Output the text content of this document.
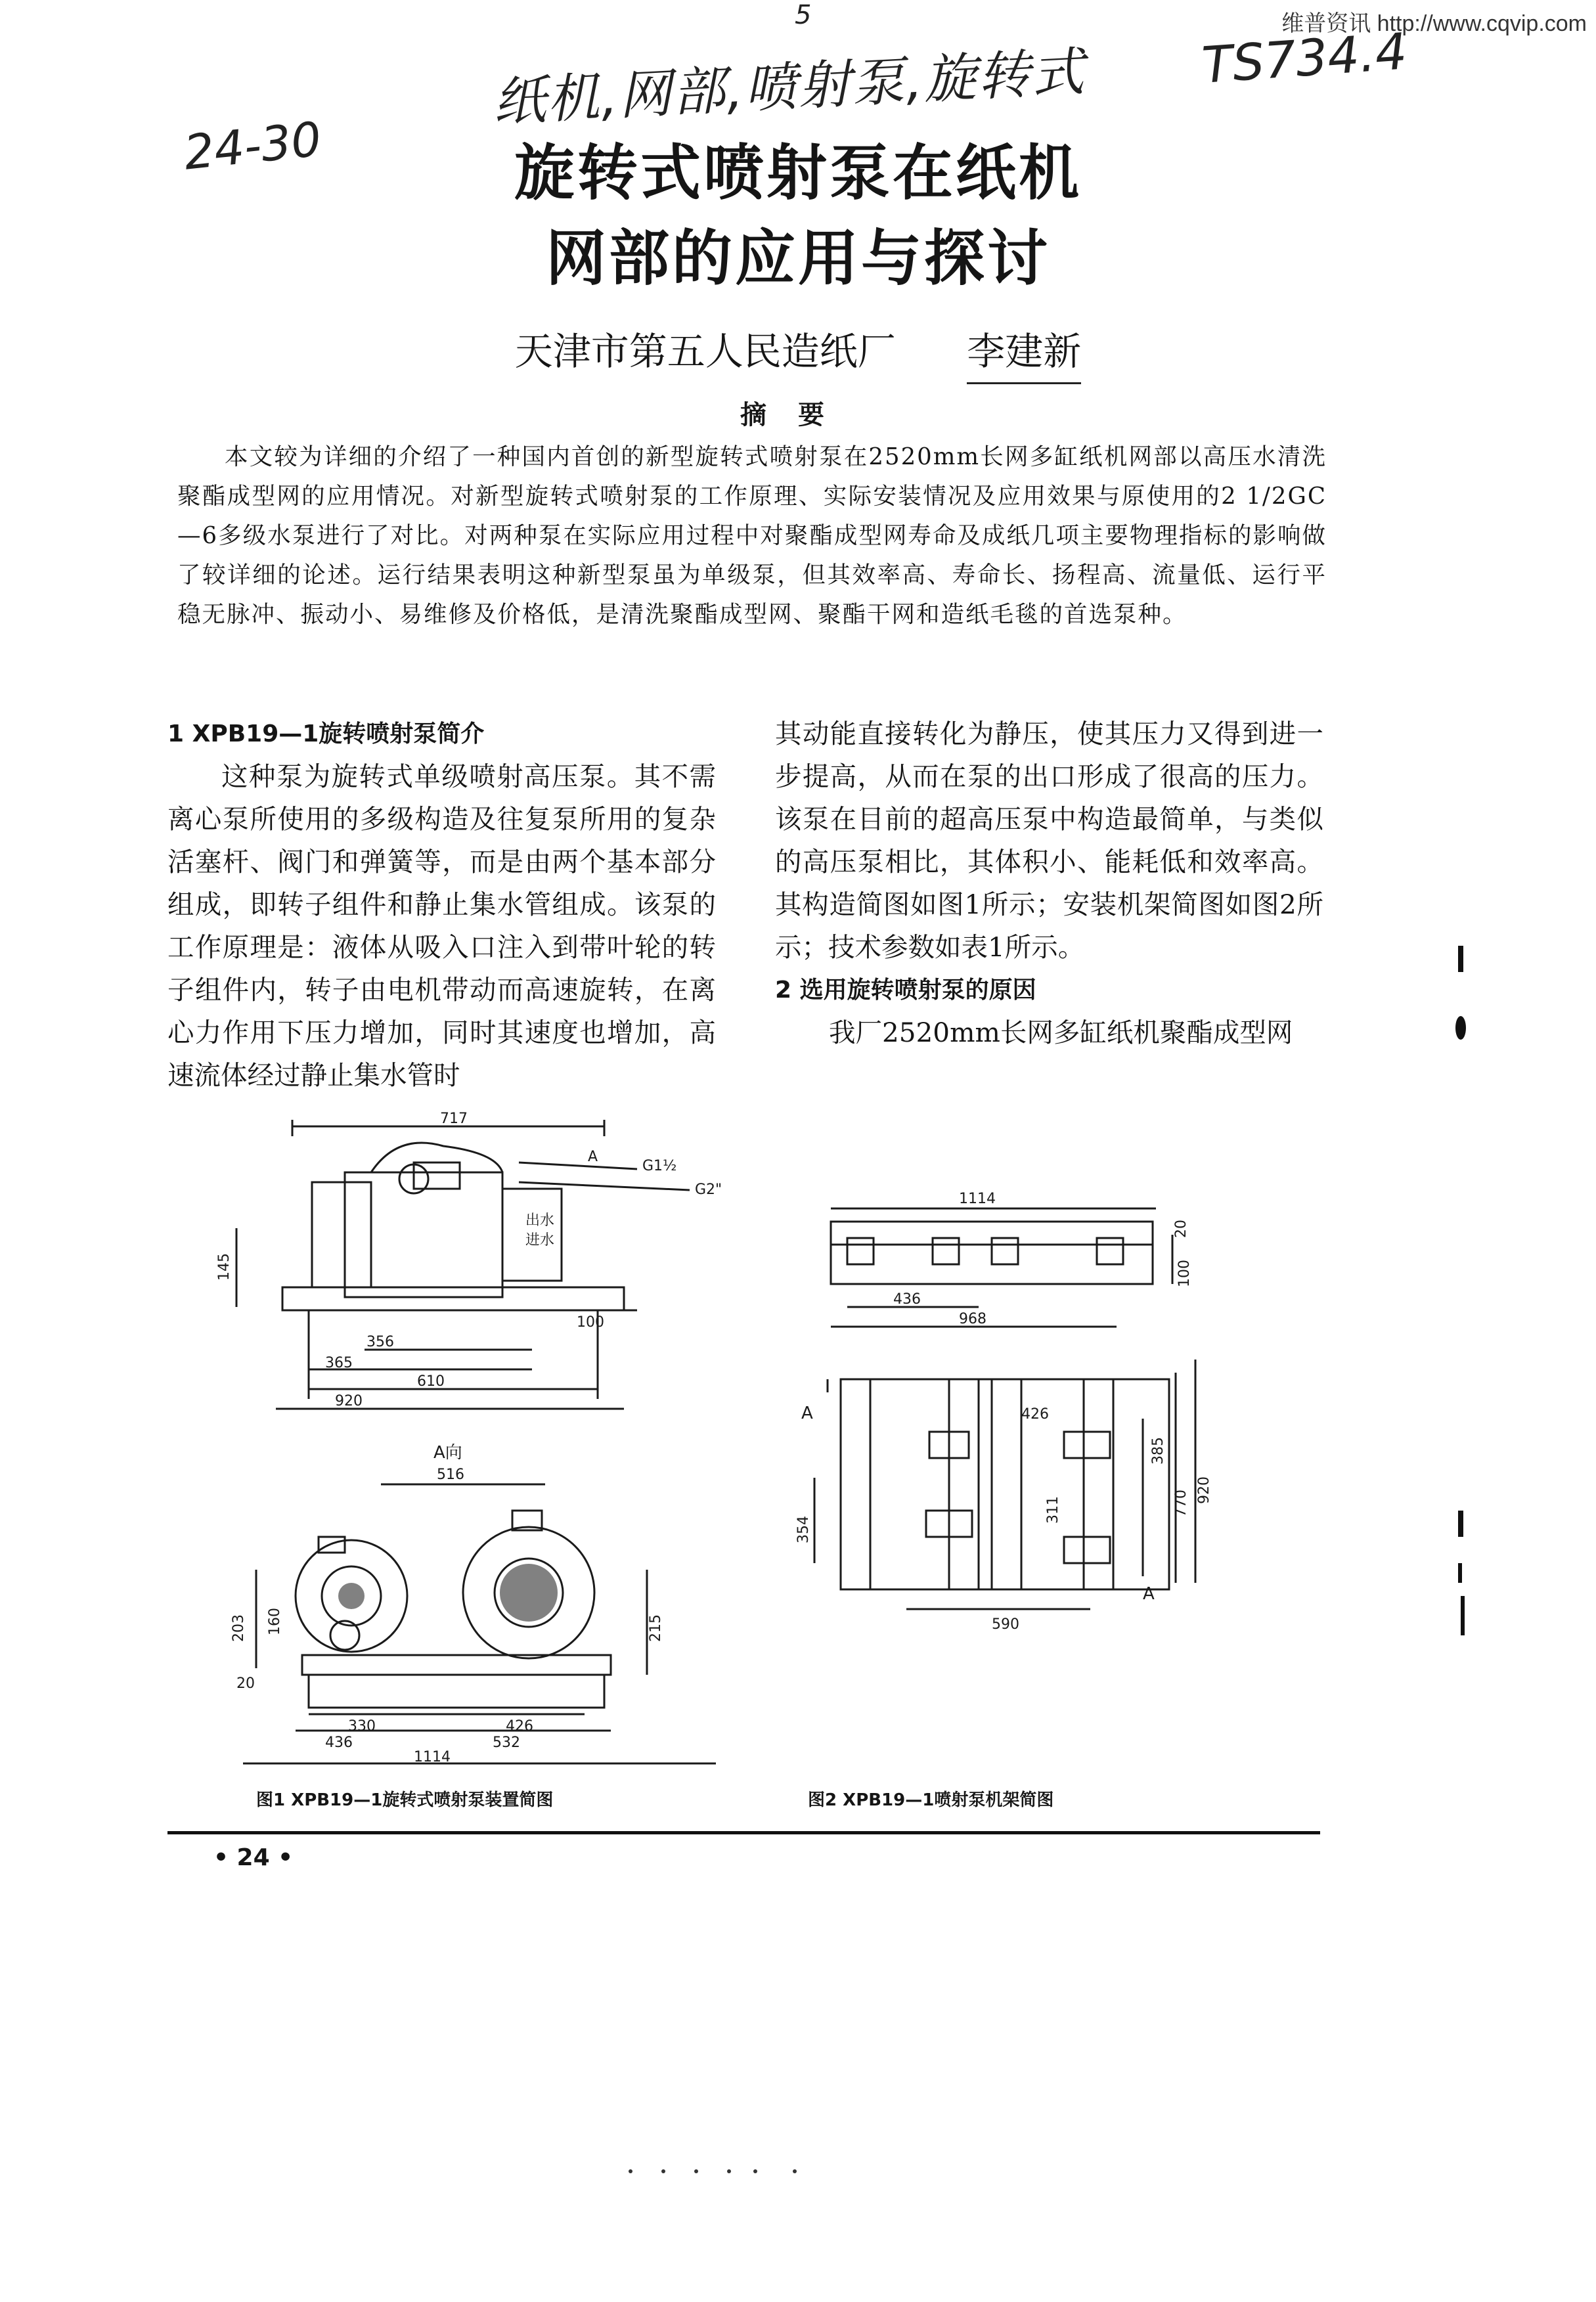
维普资讯 http://www.cqvip.com
5
纸机,网部,喷射泵,旋转式
24-30
TS734.4
旋转式喷射泵在纸机
网部的应用与探讨
天津市第五人民造纸厂 李建新
摘要
本文较为详细的介绍了一种国内首创的新型旋转式喷射泵在2520mm长网多缸纸机网部以高压水清洗聚酯成型网的应用情况。对新型旋转式喷射泵的工作原理、实际安装情况及应用效果与原使用的2 1/2GC—6多级水泵进行了对比。对两种泵在实际应用过程中对聚酯成型网寿命及成纸几项主要物理指标的影响做了较详细的论述。运行结果表明这种新型泵虽为单级泵，但其效率高、寿命长、扬程高、流量低、运行平稳无脉冲、振动小、易维修及价格低，是清洗聚酯成型网、聚酯干网和造纸毛毯的首选泵种。

1 XPB19—1旋转喷射泵简介

这种泵为旋转式单级喷射高压泵。其不需离心泵所使用的多级构造及往复泵所用的复杂活塞杆、阀门和弹簧等，而是由两个基本部分组成，即转子组件和静止集水管组成。该泵的工作原理是：液体从吸入口注入到带叶轮的转子组件内，转子由电机带动而高速旋转，在离心力作用下压力增加，同时其速度也增加，高速流体经过静止集水管时

其动能直接转化为静压，使其压力又得到进一步提高，从而在泵的出口形成了很高的压力。该泵在目前的超高压泵中构造最简单，与类似的高压泵相比，其体积小、能耗低和效率高。其构造简图如图1所示；安装机架简图如图2所示；技术参数如表1所示。

2 选用旋转喷射泵的原因

我厂2520mm长网多缸纸机聚酯成型网

717
A
G1½
G2"
出水
进水
145
100
356
365
610
920
A向
516
203 160
20
215
330	426
436	532
1114
1114
20
100
436
968
A	426
385
354
311	770 920
A
590
图1 XPB19—1旋转式喷射泵装置简图	图2 XPB19—1喷射泵机架简图
• 24 •
